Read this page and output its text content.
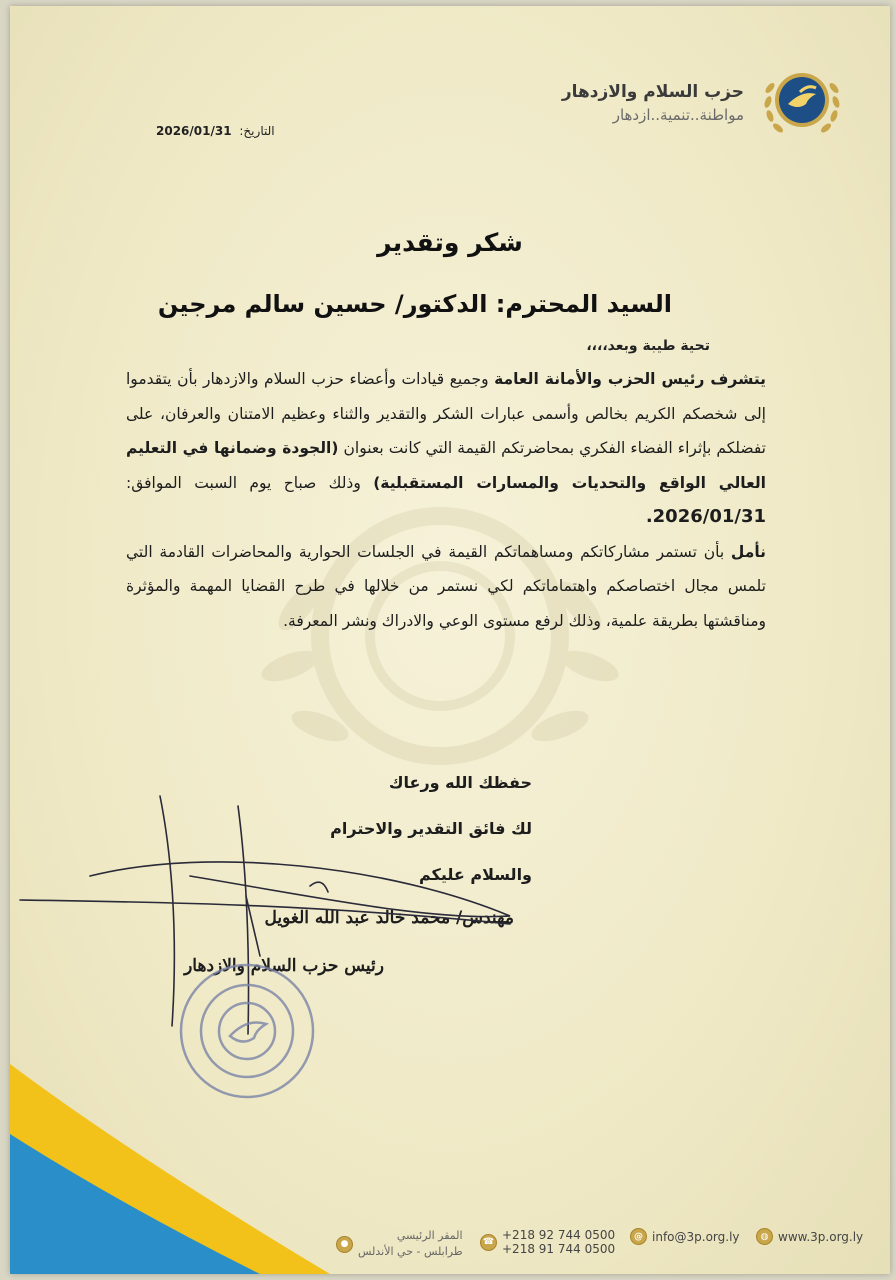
حزب السلام والازدهار
مواطنة..تنمية..ازدهار
2026/01/31 التاريخ:
شكر وتقدير
السيد المحترم: الدكتور/ حسين سالم مرجين
تحية طيبة وبعد،،،،

يتشرف رئيس الحزب والأمانة العامة وجميع قيادات وأعضاء حزب السلام والازدهار بأن يتقدموا إلى شخصكم الكريم بخالص وأسمى عبارات الشكر والتقدير والثناء وعظيم الامتنان والعرفان، على تفضلكم بإثراء الفضاء الفكري بمحاضرتكم القيمة التي كانت بعنوان (الجودة وضمانها في التعليم العالي الواقع والتحديات والمسارات المستقبلية) وذلك صباح يوم السبت الموافق: 2026/01/31.

نأمل بأن تستمر مشاركاتكم ومساهماتكم القيمة في الجلسات الحوارية والمحاضرات القادمة التي تلمس مجال اختصاصكم واهتماماتكم لكي نستمر من خلالها في طرح القضايا المهمة والمؤثرة ومناقشتها بطريقة علمية، وذلك لرفع مستوى الوعي والادراك ونشر المعرفة.

حفظك الله ورعاك
لك فائق التقدير والاحترام
والسلام عليكم
مهندس/ محمد خالد عبد الله الغويل
رئيس حزب السلام والازدهار
◍ www.3p.org.ly
@ info@3p.org.ly
☎ +218 92 744 0500
+218 91 744 0500
●
المقر الرئيسي
طرابلس - حي الأندلس
